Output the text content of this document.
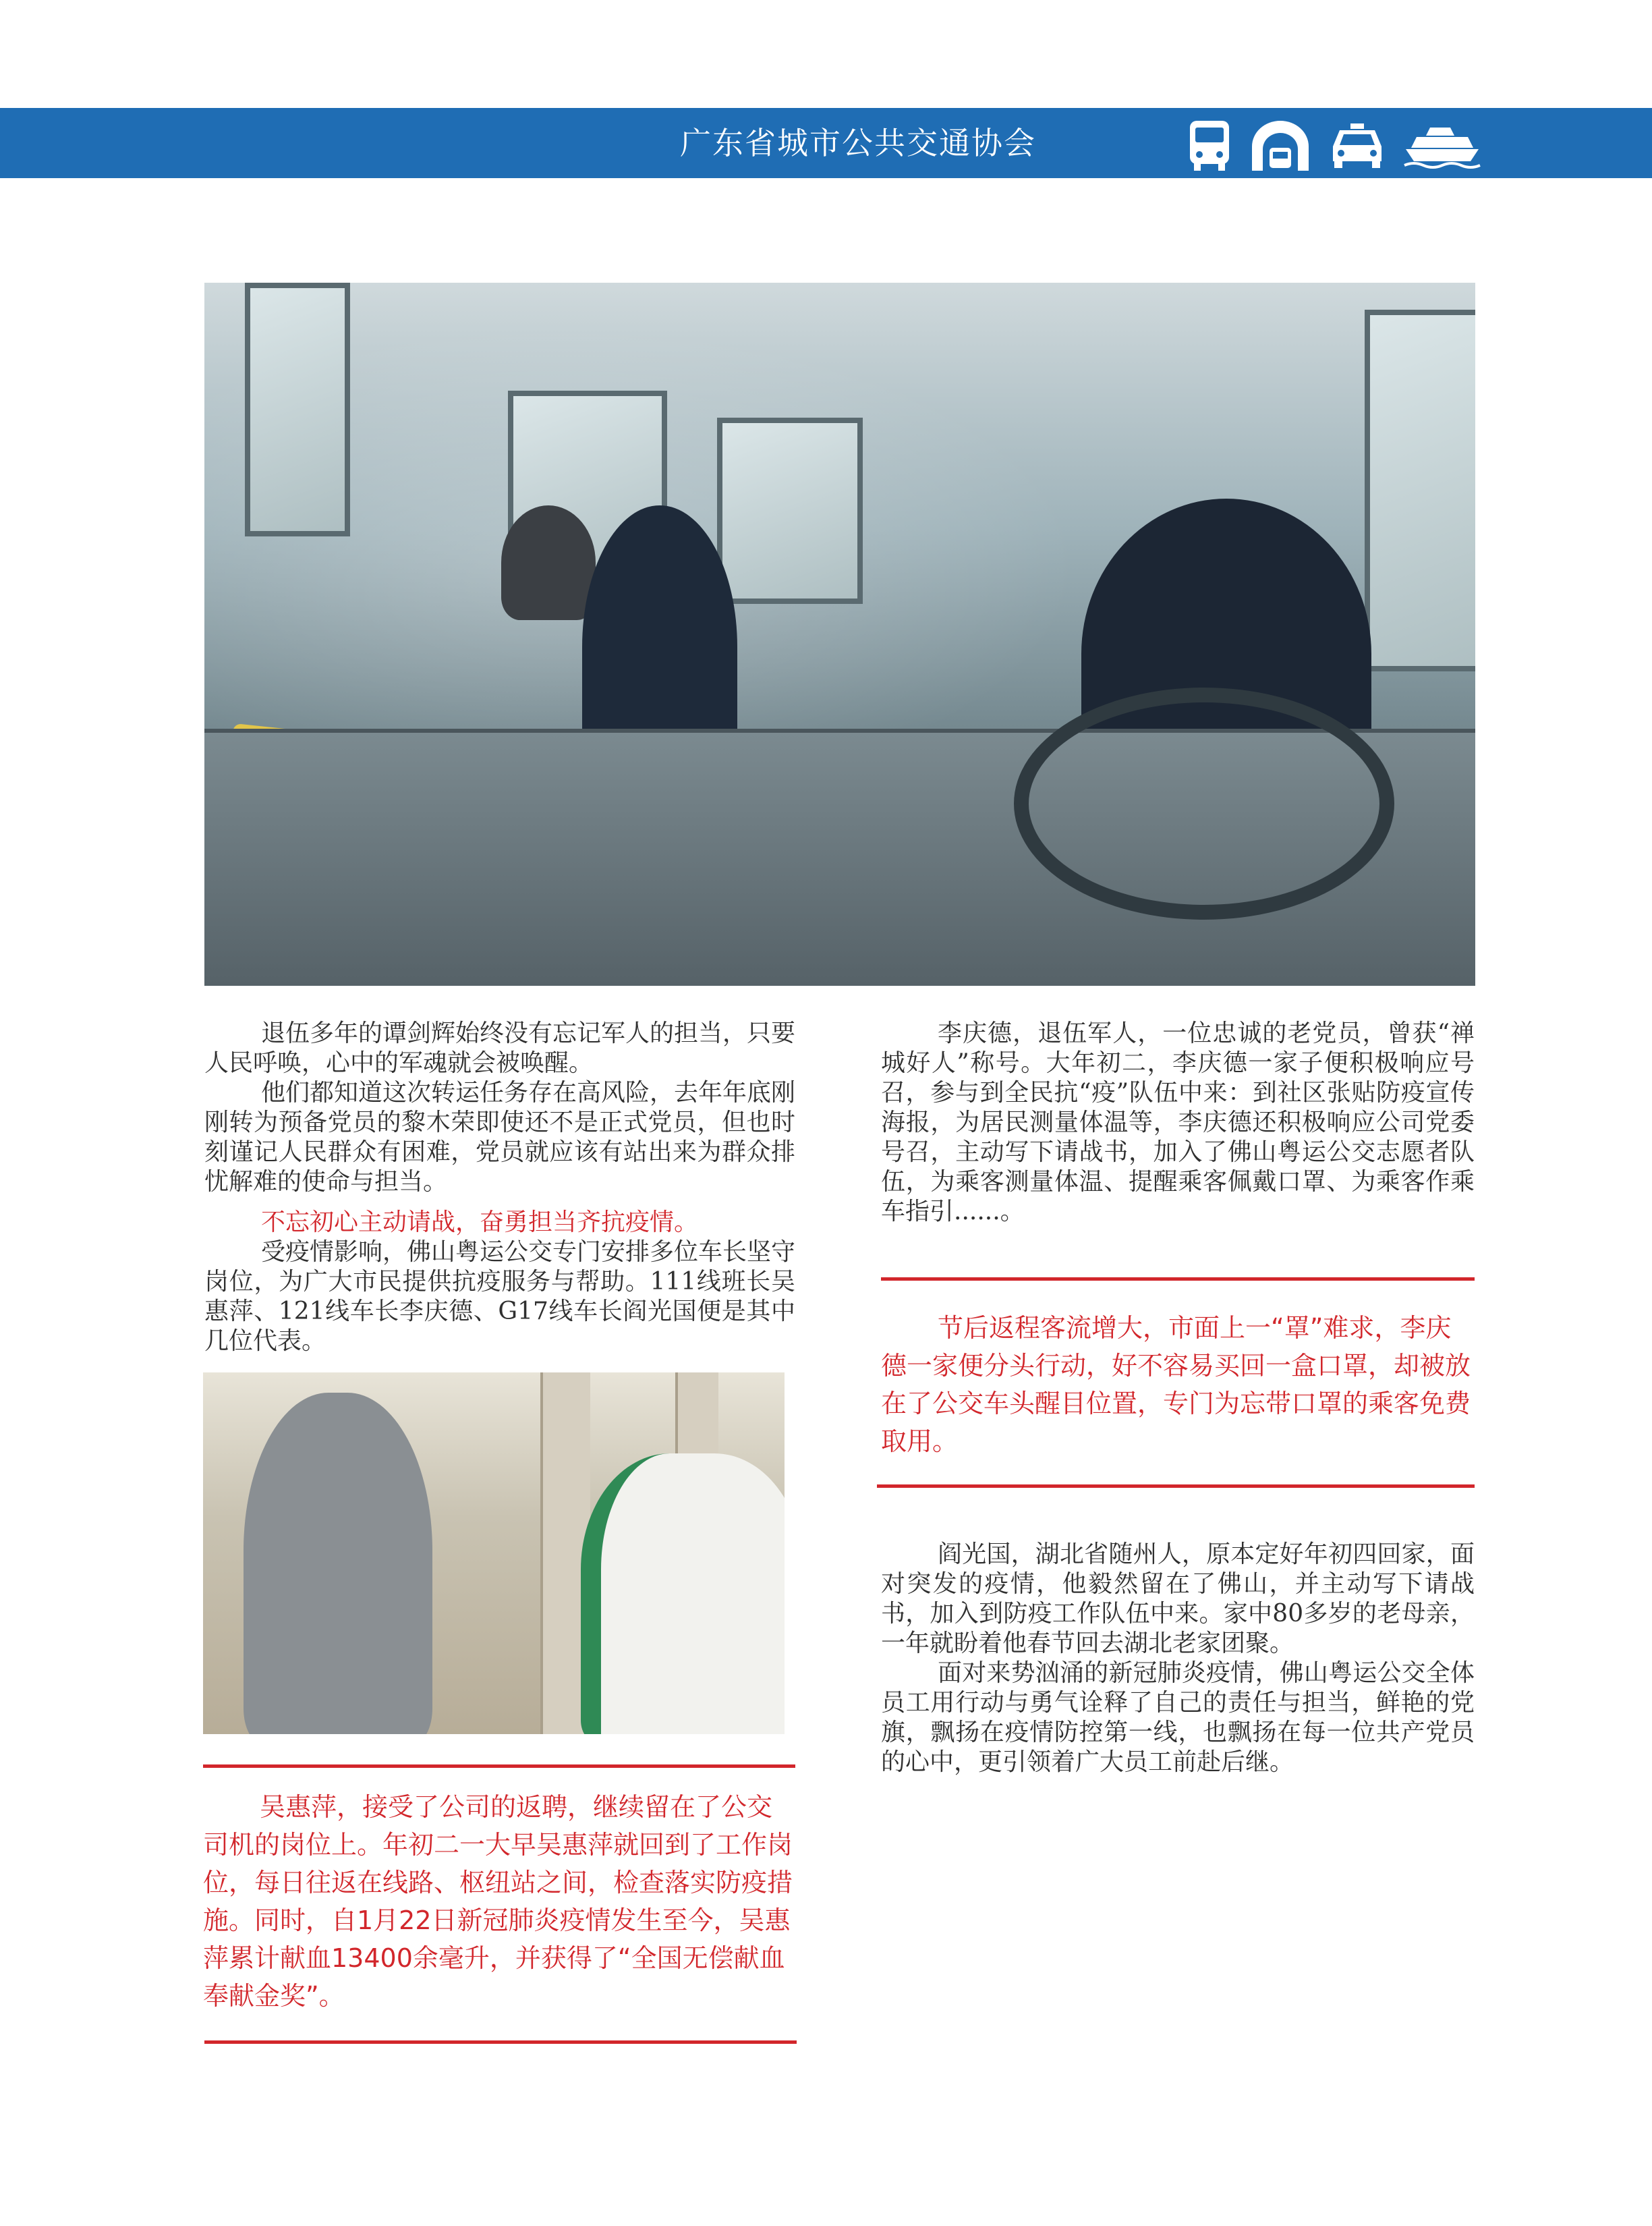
广东省城市公共交通协会

退伍多年的谭剑辉始终没有忘记军人的担当，只要人民呼唤，心中的军魂就会被唤醒。

他们都知道这次转运任务存在高风险，去年年底刚刚转为预备党员的黎木荣即使还不是正式党员，但也时刻谨记人民群众有困难，党员就应该有站出来为群众排忧解难的使命与担当。

不忘初心主动请战，奋勇担当齐抗疫情。

受疫情影响，佛山粤运公交专门安排多位车长坚守岗位，为广大市民提供抗疫服务与帮助。111线班长吴惠萍、121线车长李庆德、G17线车长阎光国便是其中几位代表。

吴惠萍，接受了公司的返聘，继续留在了公交司机的岗位上。年初二一大早吴惠萍就回到了工作岗位，每日往返在线路、枢纽站之间，检查落实防疫措施。同时，自1月22日新冠肺炎疫情发生至今，吴惠萍累计献血13400余毫升，并获得了“全国无偿献血奉献金奖”。

李庆德，退伍军人，一位忠诚的老党员，曾获“禅城好人”称号。大年初二，李庆德一家子便积极响应号召，参与到全民抗“疫”队伍中来：到社区张贴防疫宣传海报，为居民测量体温等，李庆德还积极响应公司党委号召，主动写下请战书，加入了佛山粤运公交志愿者队伍，为乘客测量体温、提醒乘客佩戴口罩、为乘客作乘车指引......。

节后返程客流增大，市面上一“罩”难求，李庆德一家便分头行动，好不容易买回一盒口罩，却被放在了公交车头醒目位置，专门为忘带口罩的乘客免费取用。

阎光国，湖北省随州人，原本定好年初四回家，面对突发的疫情，他毅然留在了佛山，并主动写下请战书，加入到防疫工作队伍中来。家中80多岁的老母亲，一年就盼着他春节回去湖北老家团聚。

面对来势汹涌的新冠肺炎疫情，佛山粤运公交全体员工用行动与勇气诠释了自己的责任与担当，鲜艳的党旗，飘扬在疫情防控第一线，也飘扬在每一位共产党员的心中，更引领着广大员工前赴后继。
